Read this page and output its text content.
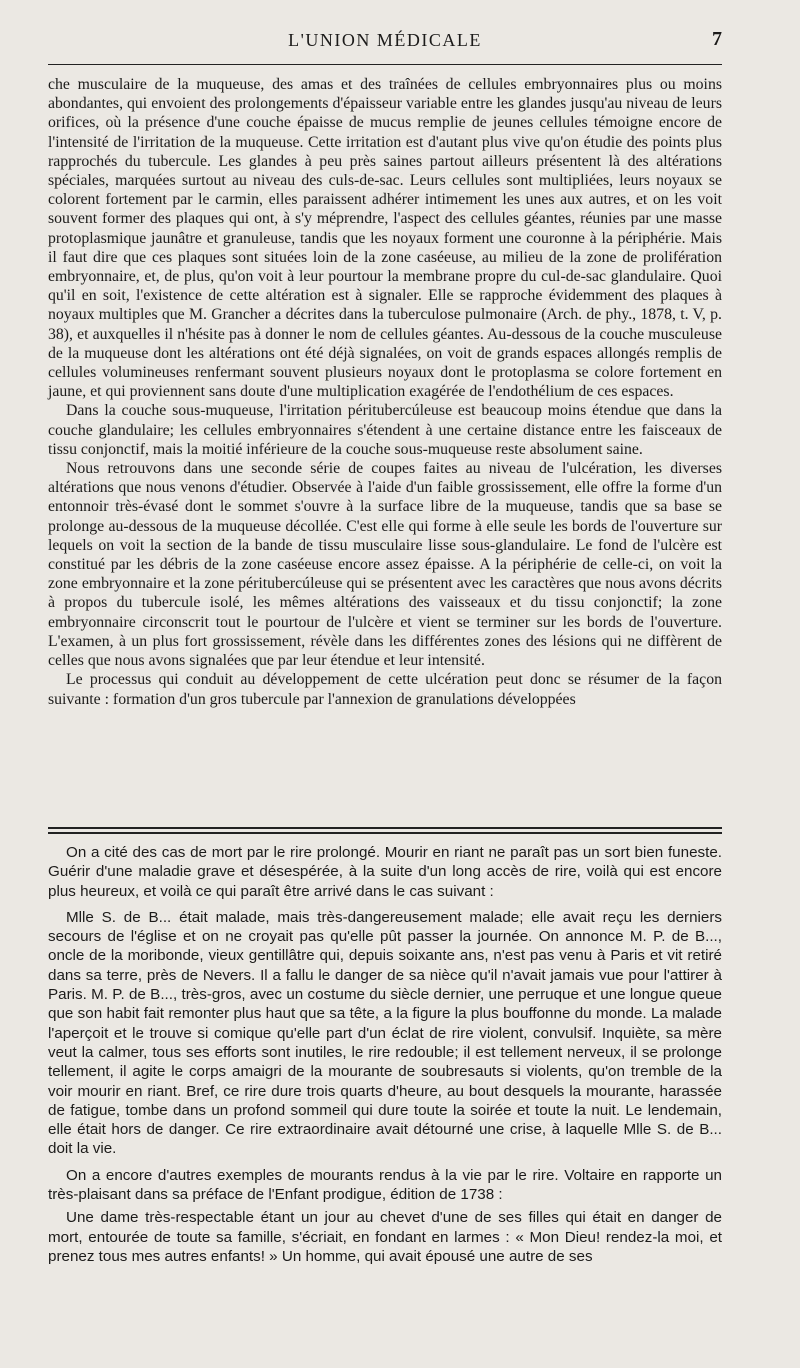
L'UNION MÉDICALE	7

che musculaire de la muqueuse, des amas et des traînées de cellules embryonnaires plus ou moins abondantes, qui envoient des prolongements d'épaisseur variable entre les glandes jusqu'au niveau de leurs orifices, où la présence d'une couche épaisse de mucus remplie de jeunes cellules témoigne encore de l'intensité de l'irritation de la muqueuse. Cette irritation est d'autant plus vive qu'on étudie des points plus rapprochés du tubercule. Les glandes à peu près saines partout ailleurs présentent là des altérations spéciales, marquées surtout au niveau des culs-de-sac. Leurs cellules sont multipliées, leurs noyaux se colorent fortement par le carmin, elles paraissent adhérer intimement les unes aux autres, et on les voit souvent former des plaques qui ont, à s'y méprendre, l'aspect des cellules géantes, réunies par une masse protoplasmique jaunâtre et granuleuse, tandis que les noyaux forment une couronne à la périphérie. Mais il faut dire que ces plaques sont situées loin de la zone caséeuse, au milieu de la zone de prolifération embryonnaire, et, de plus, qu'on voit à leur pourtour la membrane propre du cul-de-sac glandulaire. Quoi qu'il en soit, l'existence de cette altération est à signaler. Elle se rapproche évidemment des plaques à noyaux multiples que M. Grancher a décrites dans la tuberculose pulmonaire (Arch. de phy., 1878, t. V, p. 38), et auxquelles il n'hésite pas à donner le nom de cellules géantes. Au-dessous de la couche musculeuse de la muqueuse dont les altérations ont été déjà signalées, on voit de grands espaces allongés remplis de cellules volumineuses renfermant souvent plusieurs noyaux dont le protoplasma se colore fortement en jaune, et qui proviennent sans doute d'une multiplication exagérée de l'endothélium de ces espaces.

Dans la couche sous-muqueuse, l'irritation péritubercúleuse est beaucoup moins étendue que dans la couche glandulaire; les cellules embryonnaires s'étendent à une certaine distance entre les faisceaux de tissu conjonctif, mais la moitié inférieure de la couche sous-muqueuse reste absolument saine.

Nous retrouvons dans une seconde série de coupes faites au niveau de l'ulcération, les diverses altérations que nous venons d'étudier. Observée à l'aide d'un faible grossissement, elle offre la forme d'un entonnoir très-évasé dont le sommet s'ouvre à la surface libre de la muqueuse, tandis que sa base se prolonge au-dessous de la muqueuse décollée. C'est elle qui forme à elle seule les bords de l'ouverture sur lequels on voit la section de la bande de tissu musculaire lisse sous-glandulaire. Le fond de l'ulcère est constitué par les débris de la zone caséeuse encore assez épaisse. A la périphérie de celle-ci, on voit la zone embryonnaire et la zone péritubercúleuse qui se présentent avec les caractères que nous avons décrits à propos du tubercule isolé, les mêmes altérations des vaisseaux et du tissu conjonctif; la zone embryonnaire circonscrit tout le pourtour de l'ulcère et vient se terminer sur les bords de l'ouverture. L'examen, à un plus fort grossissement, révèle dans les différentes zones des lésions qui ne diffèrent de celles que nous avons signalées que par leur étendue et leur intensité.

Le processus qui conduit au développement de cette ulcération peut donc se résumer de la façon suivante : formation d'un gros tubercule par l'annexion de granulations développées

On a cité des cas de mort par le rire prolongé. Mourir en riant ne paraît pas un sort bien funeste. Guérir d'une maladie grave et désespérée, à la suite d'un long accès de rire, voilà qui est encore plus heureux, et voilà ce qui paraît être arrivé dans le cas suivant :

Mlle S. de B... était malade, mais très-dangereusement malade; elle avait reçu les derniers secours de l'église et on ne croyait pas qu'elle pût passer la journée. On annonce M. P. de B..., oncle de la moribonde, vieux gentillâtre qui, depuis soixante ans, n'est pas venu à Paris et vit retiré dans sa terre, près de Nevers. Il a fallu le danger de sa nièce qu'il n'avait jamais vue pour l'attirer à Paris. M. P. de B..., très-gros, avec un costume du siècle dernier, une perruque et une longue queue que son habit fait remonter plus haut que sa tête, a la figure la plus bouffonne du monde. La malade l'aperçoit et le trouve si comique qu'elle part d'un éclat de rire violent, convulsif. Inquiète, sa mère veut la calmer, tous ses efforts sont inutiles, le rire redouble; il est tellement nerveux, il se prolonge tellement, il agite le corps amaigri de la mourante de soubresauts si violents, qu'on tremble de la voir mourir en riant. Bref, ce rire dure trois quarts d'heure, au bout desquels la mourante, harassée de fatigue, tombe dans un profond sommeil qui dure toute la soirée et toute la nuit. Le lendemain, elle était hors de danger. Ce rire extraordinaire avait détourné une crise, à laquelle Mlle S. de B... doit la vie.

On a encore d'autres exemples de mourants rendus à la vie par le rire. Voltaire en rapporte un très-plaisant dans sa préface de l'Enfant prodigue, édition de 1738 :

Une dame très-respectable étant un jour au chevet d'une de ses filles qui était en danger de mort, entourée de toute sa famille, s'écriait, en fondant en larmes : « Mon Dieu! rendez-la moi, et prenez tous mes autres enfants! » Un homme, qui avait épousé une autre de ses
